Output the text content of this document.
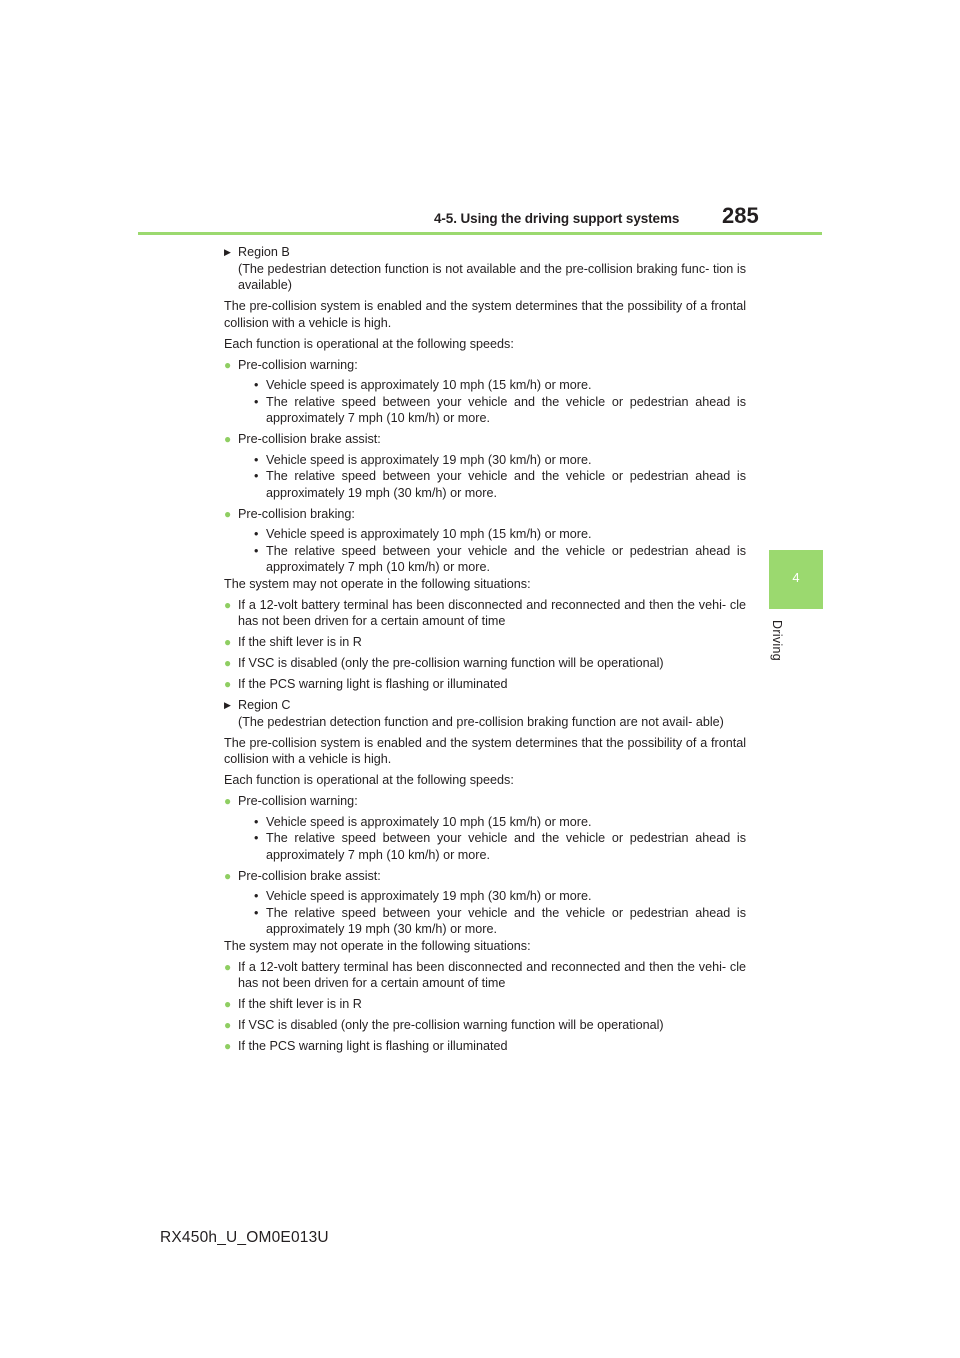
4-5. Using the driving support systems 285
4
Driving
▶ Region B
(The pedestrian detection function is not available and the pre-collision braking func- tion is available)
The pre-collision system is enabled and the system determines that the possibility of a frontal collision with a vehicle is high.
Each function is operational at the following speeds:
● Pre-collision warning:
• Vehicle speed is approximately 10 mph (15 km/h) or more.
• The relative speed between your vehicle and the vehicle or pedestrian ahead is approximately 7 mph (10 km/h) or more.
● Pre-collision brake assist:
• Vehicle speed is approximately 19 mph (30 km/h) or more.
• The relative speed between your vehicle and the vehicle or pedestrian ahead is approximately 19 mph (30 km/h) or more.
● Pre-collision braking:
• Vehicle speed is approximately 10 mph (15 km/h) or more.
• The relative speed between your vehicle and the vehicle or pedestrian ahead is approximately 7 mph (10 km/h) or more.
The system may not operate in the following situations:
● If a 12-volt battery terminal has been disconnected and reconnected and then the vehi- cle has not been driven for a certain amount of time
● If the shift lever is in R
● If VSC is disabled (only the pre-collision warning function will be operational)
● If the PCS warning light is flashing or illuminated
▶ Region C
(The pedestrian detection function and pre-collision braking function are not avail- able)
The pre-collision system is enabled and the system determines that the possibility of a frontal collision with a vehicle is high.
Each function is operational at the following speeds:
● Pre-collision warning:
• Vehicle speed is approximately 10 mph (15 km/h) or more.
• The relative speed between your vehicle and the vehicle or pedestrian ahead is approximately 7 mph (10 km/h) or more.
● Pre-collision brake assist:
• Vehicle speed is approximately 19 mph (30 km/h) or more.
• The relative speed between your vehicle and the vehicle or pedestrian ahead is approximately 19 mph (30 km/h) or more.
The system may not operate in the following situations:
● If a 12-volt battery terminal has been disconnected and reconnected and then the vehi- cle has not been driven for a certain amount of time
● If the shift lever is in R
● If VSC is disabled (only the pre-collision warning function will be operational)
● If the PCS warning light is flashing or illuminated
RX450h_U_OM0E013U
